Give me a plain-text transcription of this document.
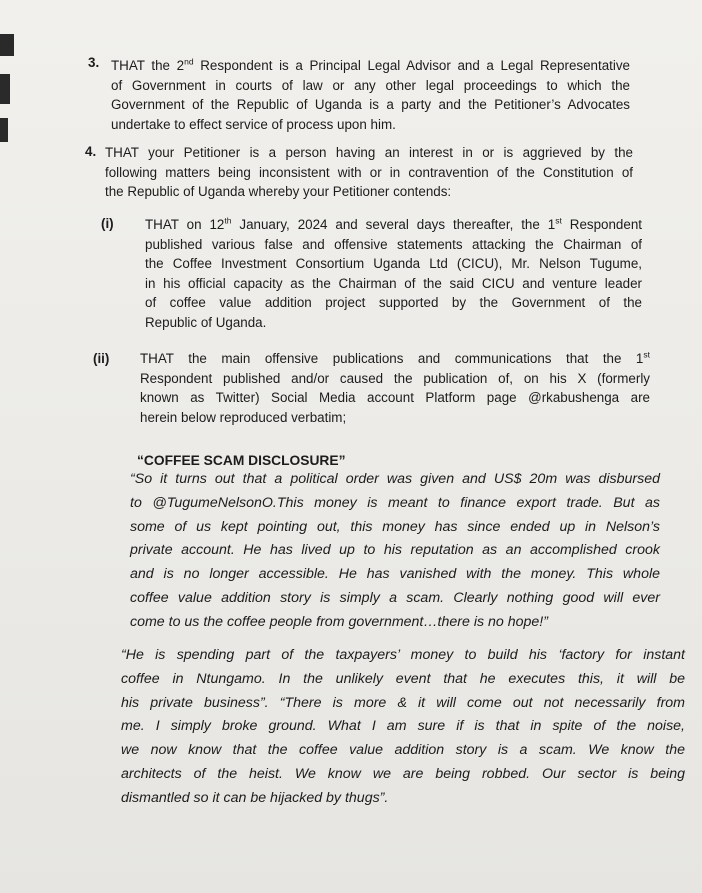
3. THAT the 2nd Respondent is a Principal Legal Advisor and a Legal Representative
of Government in courts of law or any other legal proceedings to which the
Government of the Republic of Uganda is a party and the Petitioner’s Advocates
undertake to effect service of process upon him.
4. THAT your Petitioner is a person having an interest in or is aggrieved by the
following matters being inconsistent with or in contravention of the Constitution of
the Republic of Uganda whereby your Petitioner contends:
(i) THAT on 12th January, 2024 and several days thereafter, the 1st Respondent
published various false and offensive statements attacking the Chairman of
the Coffee Investment Consortium Uganda Ltd (CICU), Mr. Nelson Tugume,
in his official capacity as the Chairman of the said CICU and venture leader
of coffee value addition project supported by the Government of the
Republic of Uganda.
(ii) THAT the main offensive publications and communications that the 1st
Respondent published and/or caused the publication of, on his X (formerly
known as Twitter) Social Media account Platform page @rkabushenga are
herein below reproduced verbatim;
“COFFEE SCAM DISCLOSURE”
“So it turns out that a political order was given and US$ 20m was disbursed
to @TugumeNelsonO.This money is meant to finance export trade. But as
some of us kept pointing out, this money has since ended up in Nelson’s
private account. He has lived up to his reputation as an accomplished crook
and is no longer accessible. He has vanished with the money. This whole
coffee value addition story is simply a scam. Clearly nothing good will ever
come to us the coffee people from government…there is no hope!”
“He is spending part of the taxpayers’ money to build his ‘factory for instant
coffee in Ntungamo. In the unlikely event that he executes this, it will be
his private business”. “There is more & it will come out not necessarily from
me. I simply broke ground. What I am sure if is that in spite of the noise,
we now know that the coffee value addition story is a scam. We know the
architects of the heist. We know we are being robbed. Our sector is being
dismantled so it can be hijacked by thugs”.
